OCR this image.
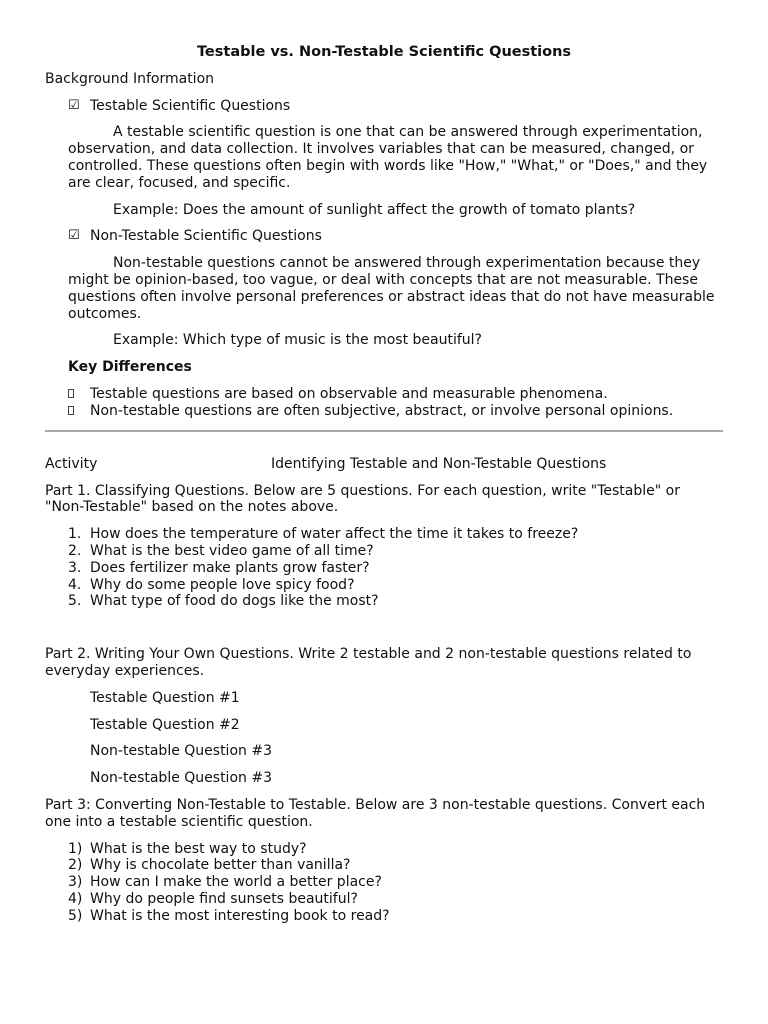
Testable vs. Non-Testable Scientific Questions
Background Information
☑ Testable Scientific Questions
A testable scientific question is one that can be answered through experimentation, observation, and data collection. It involves variables that can be measured, changed, or controlled. These questions often begin with words like "How," "What," or "Does," and they are clear, focused, and specific.
Example: Does the amount of sunlight affect the growth of tomato plants?
☑ Non-Testable Scientific Questions
Non-testable questions cannot be answered through experimentation because they might be opinion-based, too vague, or deal with concepts that are not measurable. These questions often involve personal preferences or abstract ideas that do not have measurable outcomes.
Example: Which type of music is the most beautiful?
Key Differences
Testable questions are based on observable and measurable phenomena.
Non-testable questions are often subjective, abstract, or involve personal opinions.
Activity	Identifying Testable and Non-Testable Questions
Part 1. Classifying Questions. Below are 5 questions. For each question, write "Testable" or "Non-Testable" based on the notes above.
1. How does the temperature of water affect the time it takes to freeze?
2. What is the best video game of all time?
3. Does fertilizer make plants grow faster?
4. Why do some people love spicy food?
5. What type of food do dogs like the most?
Part 2. Writing Your Own Questions. Write 2 testable and 2 non-testable questions related to everyday experiences.
Testable Question #1
Testable Question #2
Non-testable Question #3
Non-testable Question #3
Part 3: Converting Non-Testable to Testable. Below are 3 non-testable questions. Convert each one into a testable scientific question.
1) What is the best way to study?
2) Why is chocolate better than vanilla?
3) How can I make the world a better place?
4) Why do people find sunsets beautiful?
5) What is the most interesting book to read?
